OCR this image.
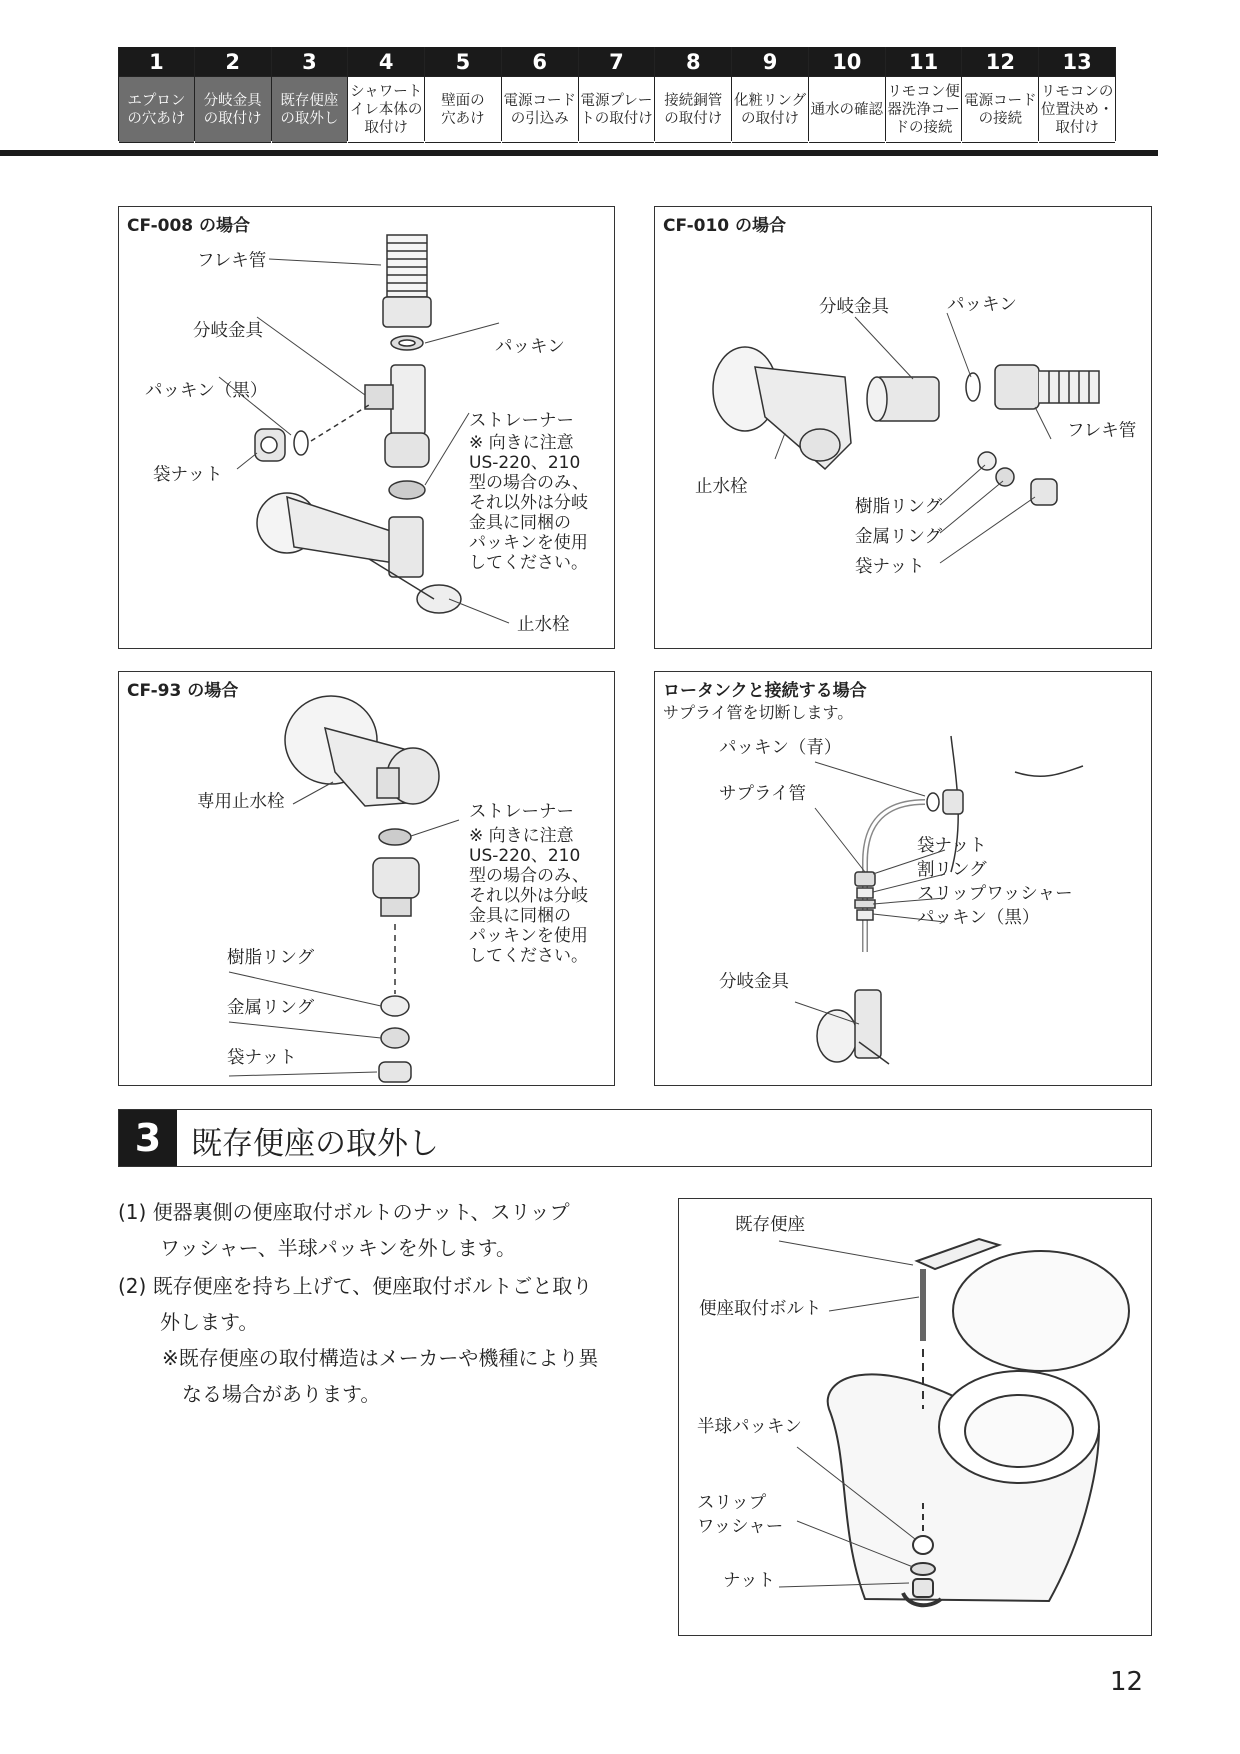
1
エプロン
の穴あけ
2
分岐金具
の取付け
3
既存便座
の取外し
4
シャワート
イレ本体の
取付け
5
壁面の
穴あけ
6
電源コード
の引込み
7
電源プレー
トの取付け
8
接続銅管
の取付け
9
化粧リング
の取付け
10
通水の確認
11
リモコン便
器洗浄コー
ドの接続
12
電源コード
の接続
13
リモコンの
位置決め・
取付け
CF-008 の場合
フレキ管
分岐金具
パッキン
パッキン（黒）
ストレーナー
※ 向きに注意
US-220、210
型の場合のみ、
それ以外は分岐
金具に同梱の
パッキンを使用
してください。
袋ナット
止水栓
CF-010 の場合
分岐金具	パッキン
フレキ管
止水栓
樹脂リング
金属リング
袋ナット
CF-93 の場合
専用止水栓	ストレーナー
※ 向きに注意
US-220、210
型の場合のみ、
それ以外は分岐
金具に同梱の
パッキンを使用
してください。
樹脂リング
金属リング
袋ナット
ロータンクと接続する場合
サプライ管を切断します。
パッキン（青）
サプライ管
袋ナット
割リング
スリップワッシャー
パッキン（黒）
分岐金具
3 既存便座の取外し
(1) 便器裏側の便座取付ボルトのナット、スリップ
ワッシャー、半球パッキンを外します。
(2) 既存便座を持ち上げて、便座取付ボルトごと取り
外します。
※既存便座の取付構造はメーカーや機種により異
なる場合があります。
既存便座
便座取付ボルト
半球パッキン
スリップ
ワッシャー
ナット
12
